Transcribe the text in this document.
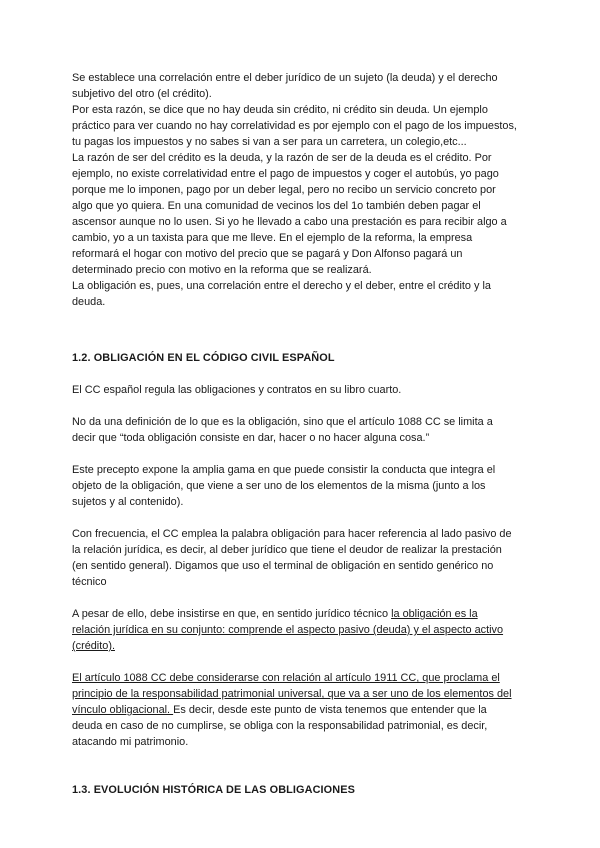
Se establece una correlación entre el deber jurídico de un sujeto (la deuda) y el derecho
subjetivo del otro (el crédito).

Por esta razón, se dice que no hay deuda sin crédito, ni crédito sin deuda. Un ejemplo
práctico para ver cuando no hay correlatividad es por ejemplo con el pago de los impuestos,
tu pagas los impuestos y no sabes si van a ser para un carretera, un colegio,etc...

La razón de ser del crédito es la deuda, y la razón de ser de la deuda es el crédito. Por
ejemplo, no existe correlatividad entre el pago de impuestos y coger el autobús, yo pago
porque me lo imponen, pago por un deber legal, pero no recibo un servicio concreto por
algo que yo quiera. En una comunidad de vecinos los del 1o también deben pagar el
ascensor aunque no lo usen. Si yo he llevado a cabo una prestación es para recibir algo a
cambio, yo a un taxista para que me lleve. En el ejemplo de la reforma, la empresa
reformará el hogar con motivo del precio que se pagará y Don Alfonso pagará un
determinado precio con motivo en la reforma que se realizará.

La obligación es, pues, una correlación entre el derecho y el deber, entre el crédito y la
deuda.

1.2. OBLIGACIÓN EN EL CÓDIGO CIVIL ESPAÑOL

El CC español regula las obligaciones y contratos en su libro cuarto.

No da una definición de lo que es la obligación, sino que el artículo 1088 CC se limita a
decir que “toda obligación consiste en dar, hacer o no hacer alguna cosa.”

Este precepto expone la amplia gama en que puede consistir la conducta que integra el
objeto de la obligación, que viene a ser uno de los elementos de la misma (junto a los
sujetos y al contenido).

Con frecuencia, el CC emplea la palabra obligación para hacer referencia al lado pasivo de
la relación jurídica, es decir, al deber jurídico que tiene el deudor de realizar la prestación
(en sentido general). Digamos que uso el terminal de obligación en sentido genérico no
técnico

A pesar de ello, debe insistirse en que, en sentido jurídico técnico la obligación es la
relación jurídica en su conjunto: comprende el aspecto pasivo (deuda) y el aspecto activo
(crédito).

El artículo 1088 CC debe considerarse con relación al artículo 1911 CC, que proclama el
principio de la responsabilidad patrimonial universal, que va a ser uno de los elementos del
vínculo obligacional. Es decir, desde este punto de vista tenemos que entender que la
deuda en caso de no cumplirse, se obliga con la responsabilidad patrimonial, es decir,
atacando mi patrimonio.

1.3. EVOLUCIÓN HISTÓRICA DE LAS OBLIGACIONES
